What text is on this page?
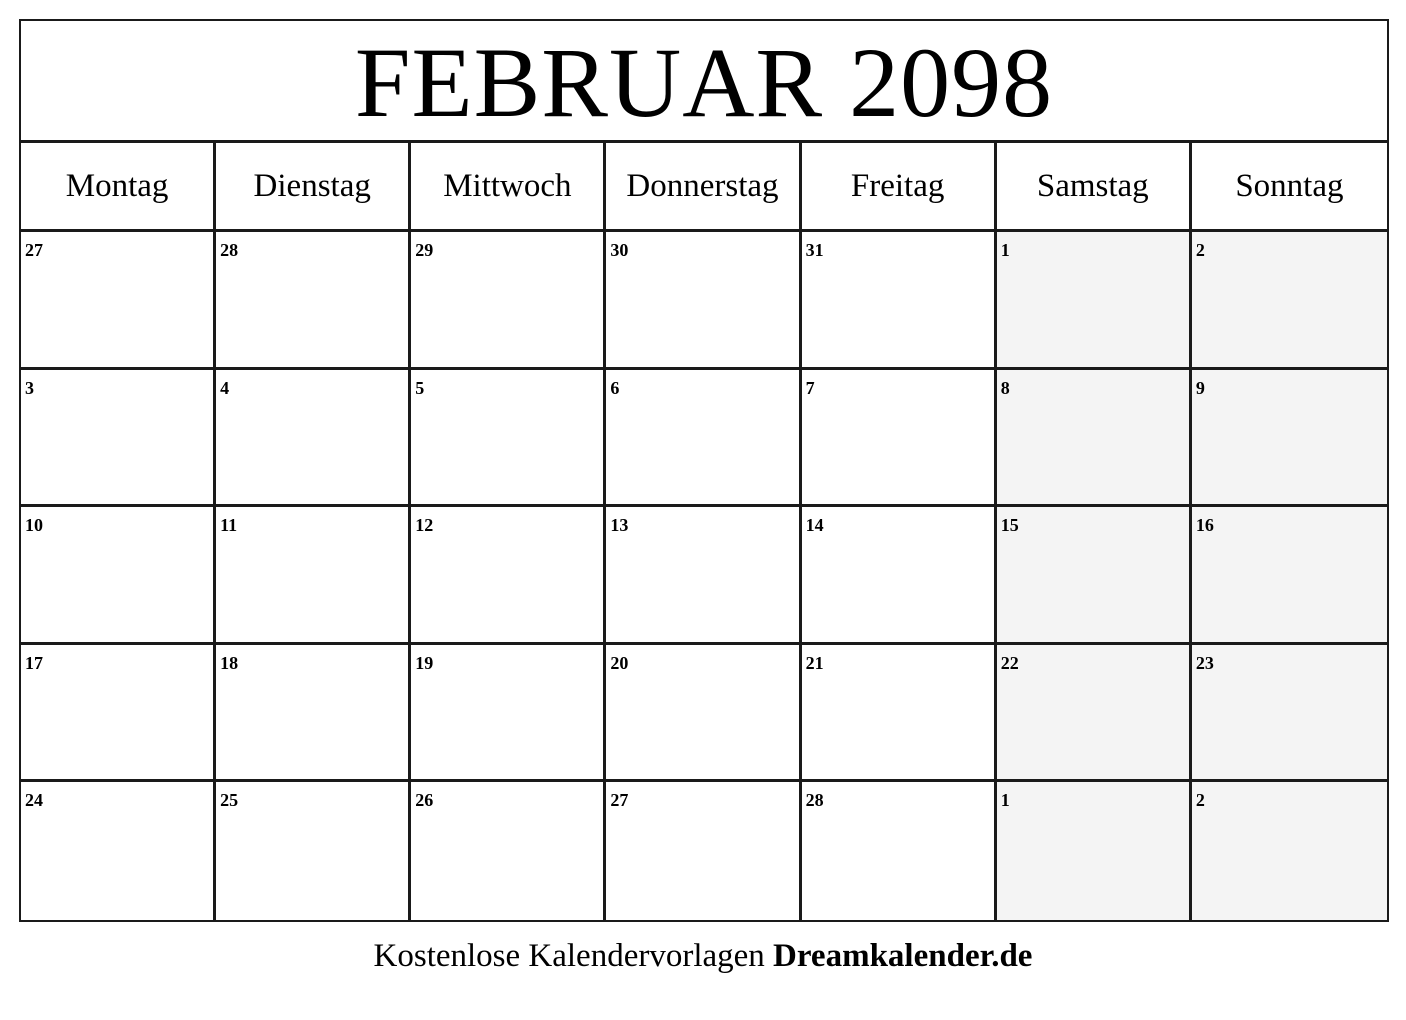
FEBRUAR 2098
Montag	Dienstag	Mittwoch	Donnerstag	Freitag	Samstag	Sonntag
27	28	29	30	31	1	2
3	4	5	6	7	8	9
10	11	12	13	14	15	16
17	18	19	20	21	22	23
24	25	26	27	28	1	2
Kostenlose Kalendervorlagen Dreamkalender.de
